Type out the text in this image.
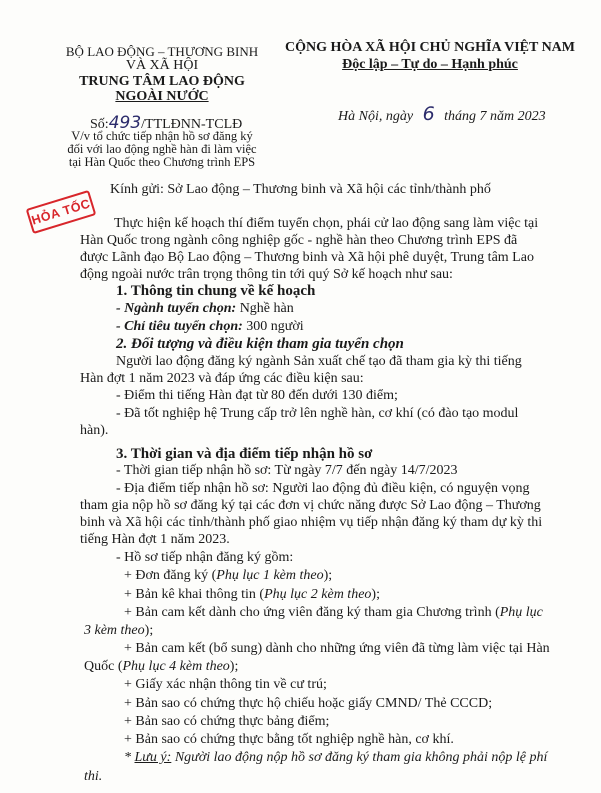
BỘ LAO ĐỘNG – THƯƠNG BINH
VÀ XÃ HỘI
TRUNG TÂM LAO ĐỘNG
NGOÀI NƯỚC
Số:493/TTLĐNN-TCLĐ
V/v tổ chức tiếp nhận hồ sơ đăng ký
đối với lao động nghề hàn đi làm việc
tại Hàn Quốc theo Chương trình EPS
CỘNG HÒA XÃ HỘI CHỦ NGHĨA VIỆT NAM
Độc lập – Tự do – Hạnh phúc
Hà Nội, ngày 6 tháng 7 năm 2023
HỎA TỐC
Kính gửi: Sở Lao động – Thương binh và Xã hội các tỉnh/thành phố
Thực hiện kế hoạch thí điểm tuyển chọn, phái cử lao động sang làm việc tại
Hàn Quốc trong ngành công nghiệp gốc - nghề hàn theo Chương trình EPS đã
được Lãnh đạo Bộ Lao động – Thương binh và Xã hội phê duyệt, Trung tâm Lao
động ngoài nước trân trọng thông tin tới quý Sở kế hoạch như sau:
1. Thông tin chung về kế hoạch
- Ngành tuyển chọn: Nghề hàn
- Chỉ tiêu tuyển chọn: 300 người
2. Đối tượng và điều kiện tham gia tuyển chọn
Người lao động đăng ký ngành Sản xuất chế tạo đã tham gia kỳ thi tiếng
Hàn đợt 1 năm 2023 và đáp ứng các điều kiện sau:
- Điểm thi tiếng Hàn đạt từ 80 đến dưới 130 điểm;
- Đã tốt nghiệp hệ Trung cấp trở lên nghề hàn, cơ khí (có đào tạo modul
hàn).
3. Thời gian và địa điểm tiếp nhận hồ sơ
- Thời gian tiếp nhận hồ sơ: Từ ngày 7/7 đến ngày 14/7/2023
- Địa điểm tiếp nhận hồ sơ: Người lao động đủ điều kiện, có nguyện vọng
tham gia nộp hồ sơ đăng ký tại các đơn vị chức năng được Sở Lao động – Thương
binh và Xã hội các tỉnh/thành phố giao nhiệm vụ tiếp nhận đăng ký tham dự kỳ thi
tiếng Hàn đợt 1 năm 2023.
- Hồ sơ tiếp nhận đăng ký gồm:
+ Đơn đăng ký (Phụ lục 1 kèm theo);
+ Bản kê khai thông tin (Phụ lục 2 kèm theo);
+ Bản cam kết dành cho ứng viên đăng ký tham gia Chương trình (Phụ lục
3 kèm theo);
+ Bản cam kết (bổ sung) dành cho những ứng viên đã từng làm việc tại Hàn
Quốc (Phụ lục 4 kèm theo);
+ Giấy xác nhận thông tin về cư trú;
+ Bản sao có chứng thực hộ chiếu hoặc giấy CMND/ Thẻ CCCD;
+ Bản sao có chứng thực bảng điểm;
+ Bản sao có chứng thực bằng tốt nghiệp nghề hàn, cơ khí.
* Lưu ý: Người lao động nộp hồ sơ đăng ký tham gia không phải nộp lệ phí
thi.
